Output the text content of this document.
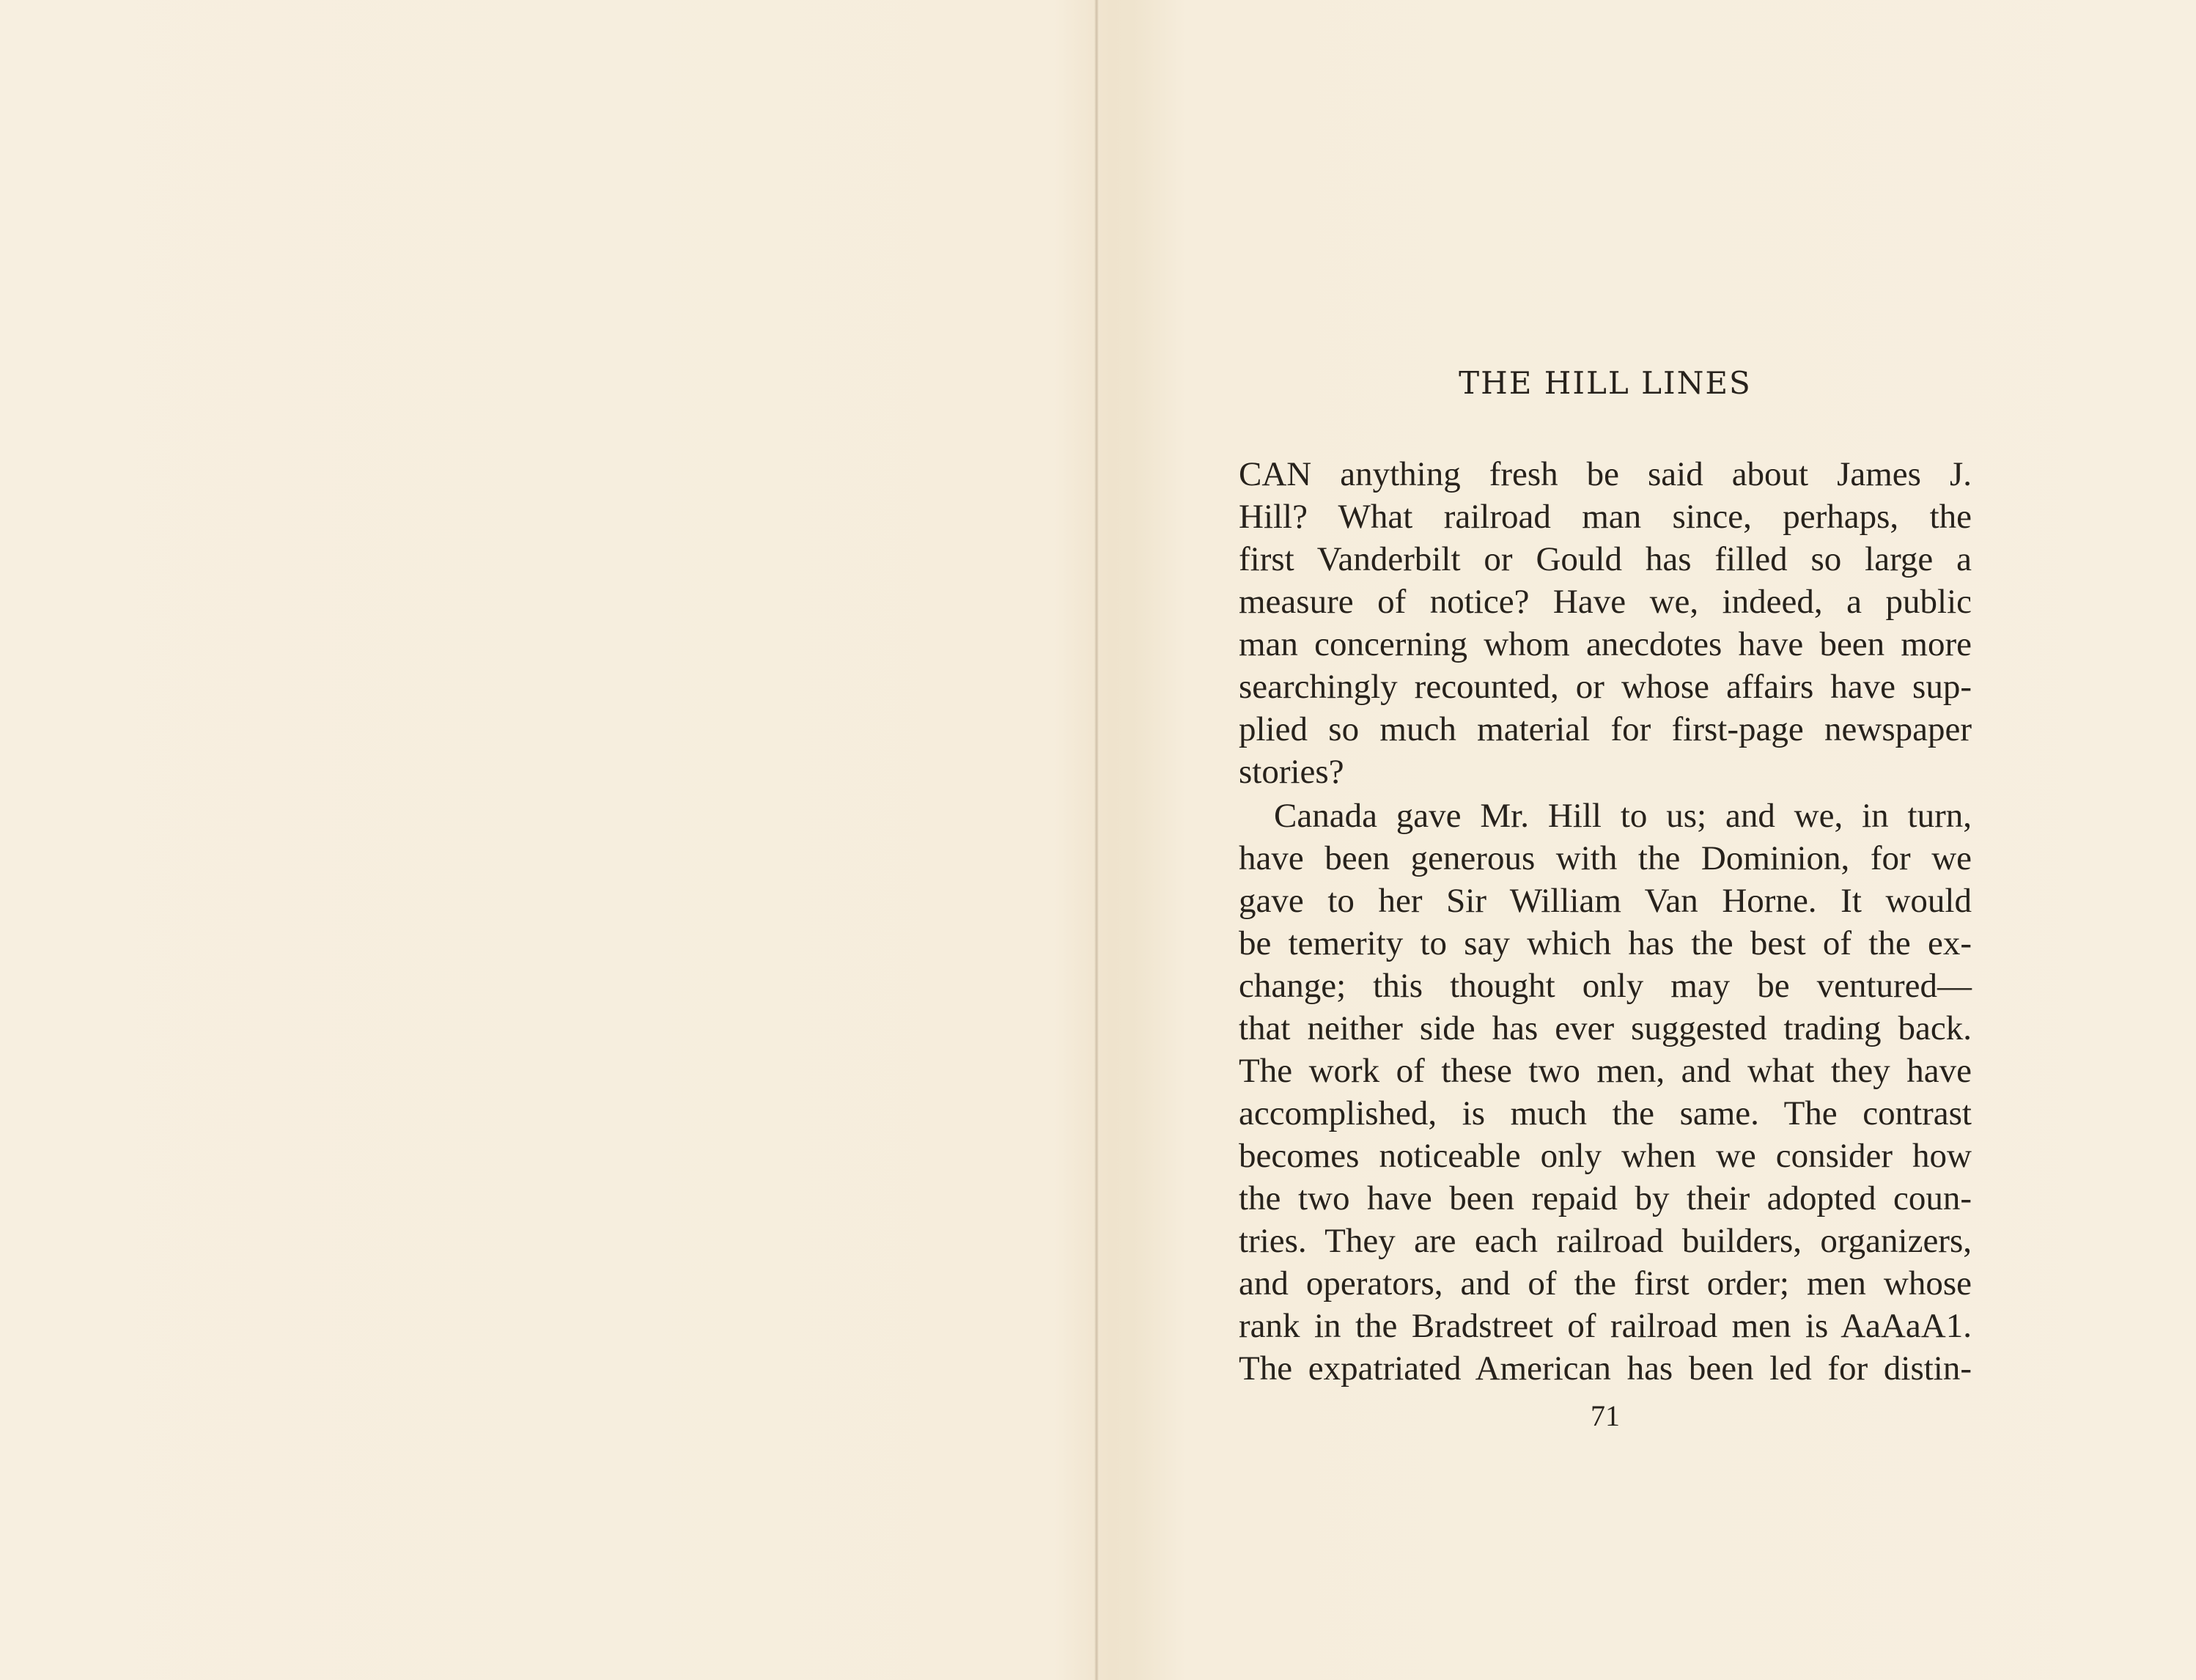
THE HILL LINES
CAN anything fresh be said about James J.
Hill? What railroad man since, perhaps, the
first Vanderbilt or Gould has filled so large a
measure of notice? Have we, indeed, a public
man concerning whom anecdotes have been more
searchingly recounted, or whose affairs have sup-
plied so much material for first-page newspaper
stories?
Canada gave Mr. Hill to us; and we, in turn,
have been generous with the Dominion, for we
gave to her Sir William Van Horne. It would
be temerity to say which has the best of the ex-
change; this thought only may be ventured—
that neither side has ever suggested trading back.
The work of these two men, and what they have
accomplished, is much the same. The contrast
becomes noticeable only when we consider how
the two have been repaid by their adopted coun-
tries. They are each railroad builders, organizers,
and operators, and of the first order; men whose
rank in the Bradstreet of railroad men is AaAaA1.
The expatriated American has been led for distin-
71
